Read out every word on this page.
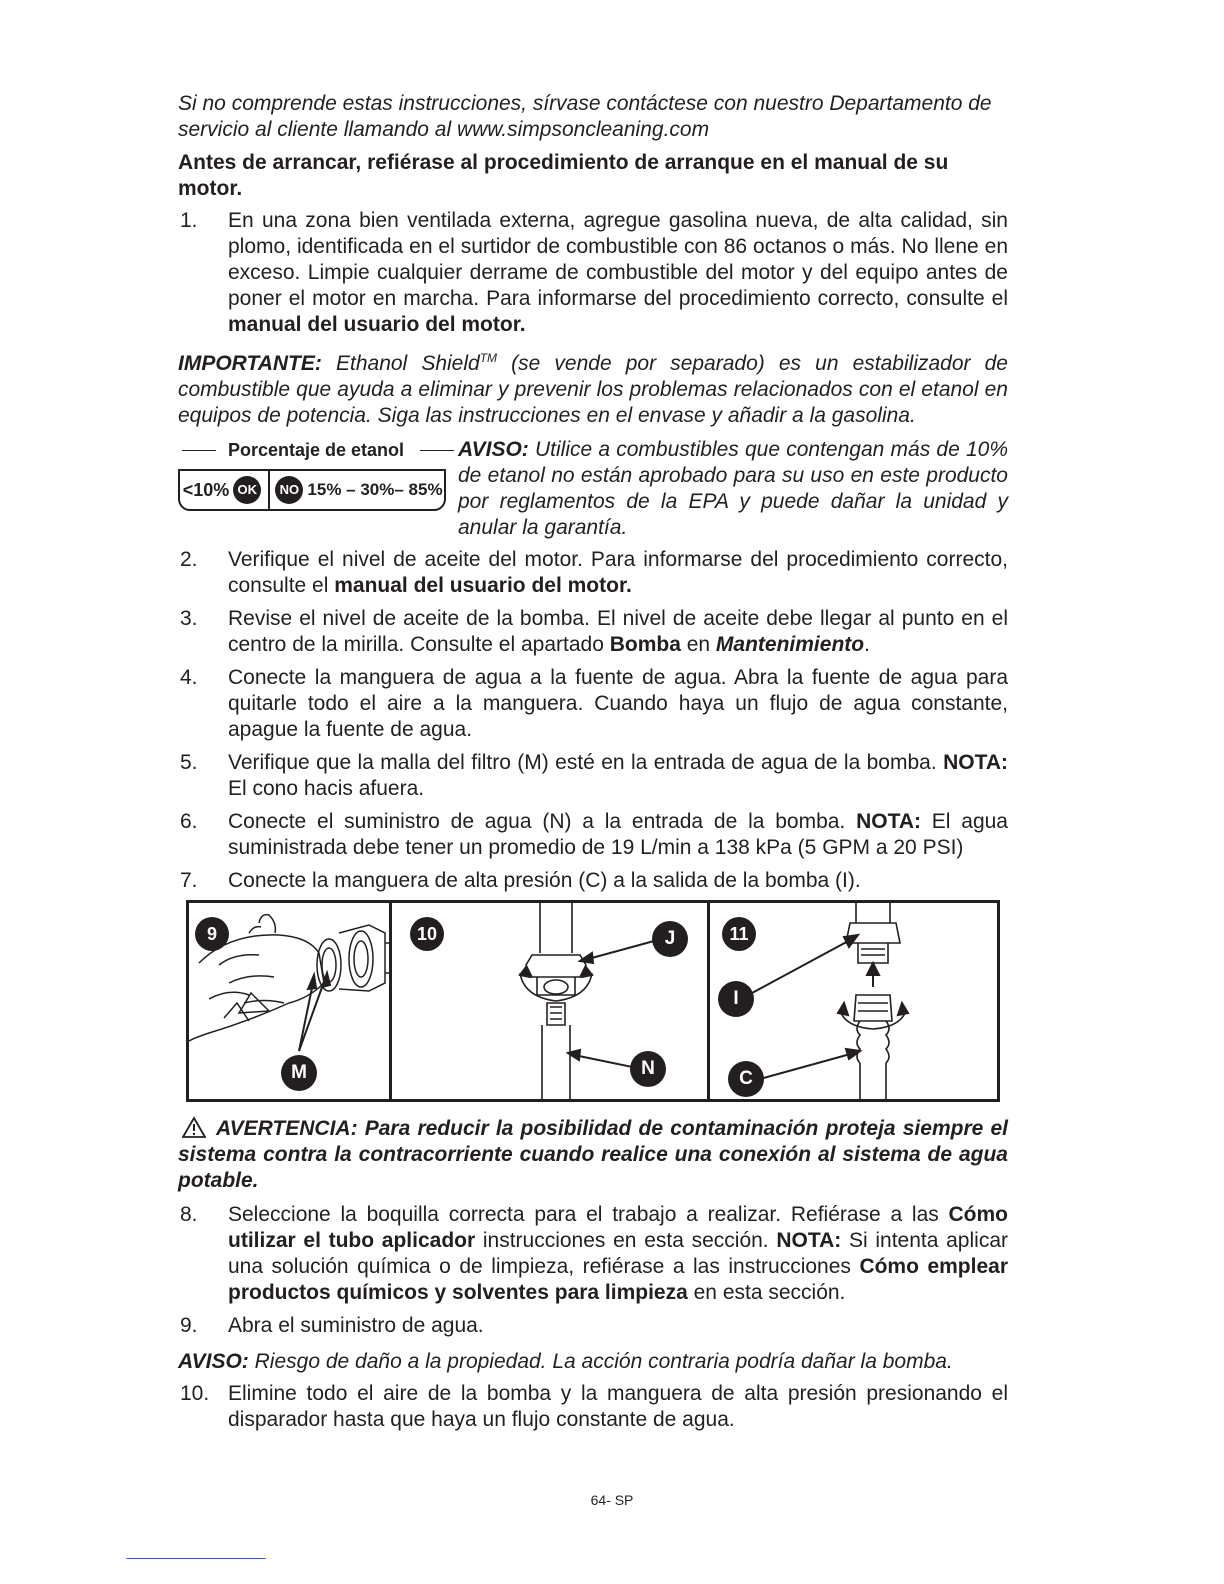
Si no comprende estas instrucciones, sírvase contáctese con nuestro Departamento de servicio al cliente llamando al www.simpsoncleaning.com

Antes de arrancar, refiérase al procedimiento de arranque en el manual de su motor.

1.	En una zona bien ventilada externa, agregue gasolina nueva, de alta calidad, sin plomo, identificada en el surtidor de combustible con 86 octanos o más. No llene en exceso. Limpie cualquier derrame de combustible del motor y del equipo antes de poner el motor en marcha. Para informarse del procedimiento correcto, consulte el manual del usuario del motor.

IMPORTANTE: Ethanol Shield™ (se vende por separado) es un estabilizador de combustible que ayuda a eliminar y prevenir los problemas relacionados con el etanol en equipos de potencia. Siga las instrucciones en el envase y añadir a la gasolina.

Porcentaje de etanol
<10% OK	NO 15% – 30%– 85%

AVISO: Utilice a combustibles que contengan más de 10% de etanol no están aprobado para su uso en este producto por reglamentos de la EPA y puede dañar la unidad y anular la garantía.

2.	Verifique el nivel de aceite del motor. Para informarse del procedimiento correcto, consulte el manual del usuario del motor.
3.	Revise el nivel de aceite de la bomba. El nivel de aceite debe llegar al punto en el centro de la mirilla. Consulte el apartado Bomba en Mantenimiento.
4.	Conecte la manguera de agua a la fuente de agua. Abra la fuente de agua para quitarle todo el aire a la manguera. Cuando haya un flujo de agua constante, apague la fuente de agua.
5.	Verifique que la malla del filtro (M) esté en la entrada de agua de la bomba. NOTA: El cono hacis afuera.
6.	Conecte el suministro de agua (N) a la entrada de la bomba. NOTA: El agua suministrada debe tener un promedio de 19 L/min a 138 kPa (5 GPM a 20 PSI)
7.	Conecte la manguera de alta presión (C) a la salida de la bomba (I).
9
M
10	J
N
11
I
C

AVERTENCIA: Para reducir la posibilidad de contaminación proteja siempre el sistema contra la contracorriente cuando realice una conexión al sistema de agua potable.

8.	Seleccione la boquilla correcta para el trabajo a realizar. Refiérase a las Cómo utilizar el tubo aplicador instrucciones en esta sección. NOTA: Si intenta aplicar una solución química o de limpieza, refiérase a las instrucciones Cómo emplear productos químicos y solventes para limpieza en esta sección.
9.	Abra el suministro de agua.

AVISO: Riesgo de daño a la propiedad. La acción contraria podría dañar la bomba.

10. Elimine todo el aire de la bomba y la manguera de alta presión presionando el disparador hasta que haya un flujo constante de agua.
64- SP
